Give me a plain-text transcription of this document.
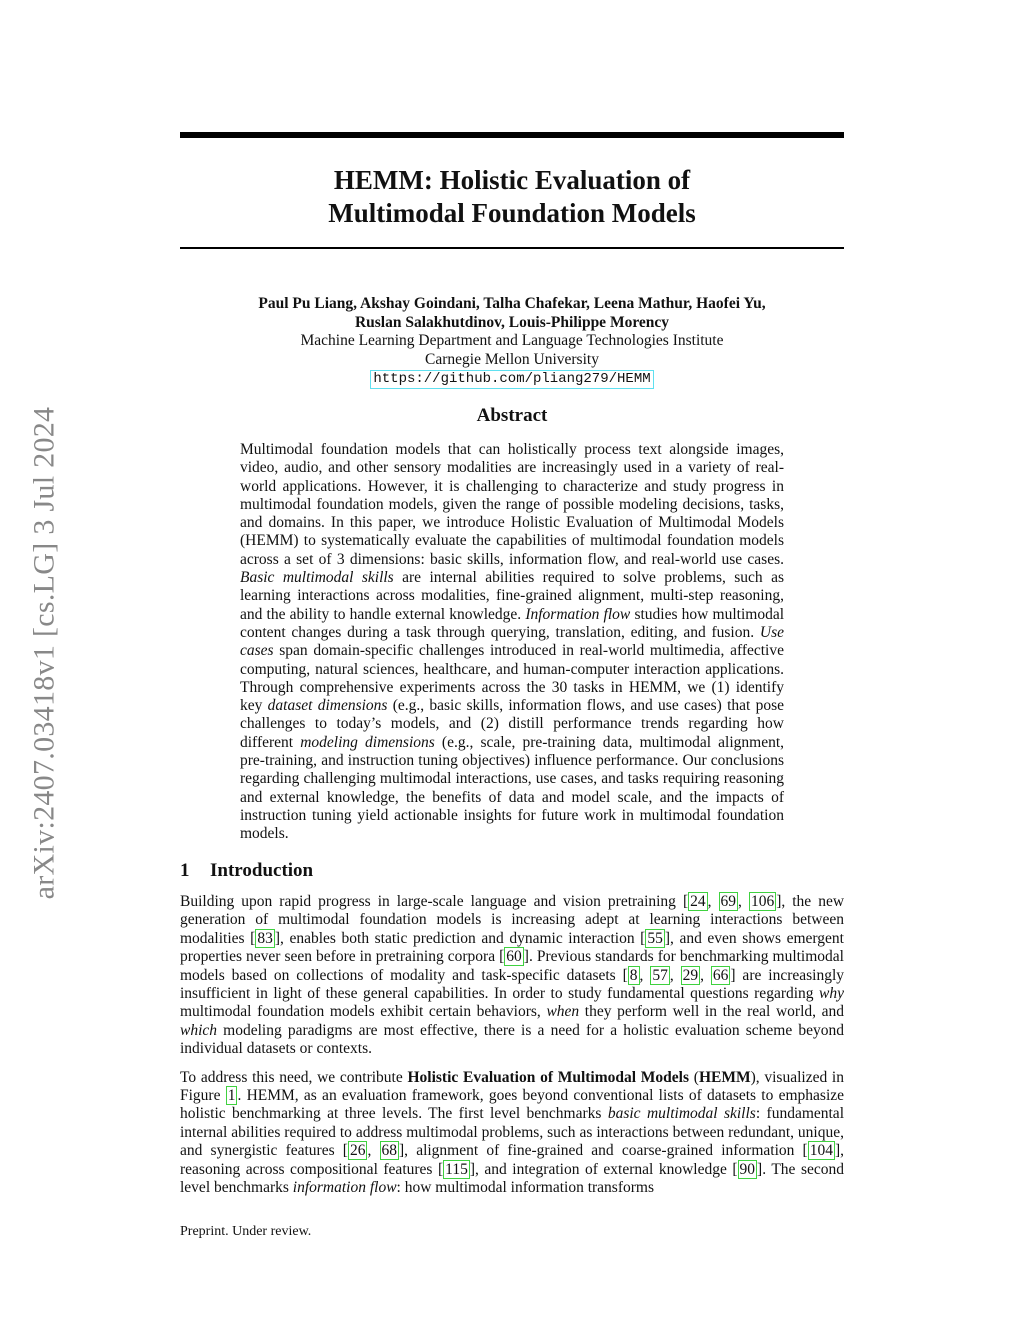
arXiv:2407.03418v1 [cs.LG] 3 Jul 2024
HEMM: Holistic Evaluation of
Multimodal Foundation Models
Paul Pu Liang, Akshay Goindani, Talha Chafekar, Leena Mathur, Haofei Yu,
Ruslan Salakhutdinov, Louis-Philippe Morency
Machine Learning Department and Language Technologies Institute
Carnegie Mellon University
https://github.com/pliang279/HEMM
Abstract

Multimodal foundation models that can holistically process text alongside images, video, audio, and other sensory modalities are increasingly used in a variety of real-world applications. However, it is challenging to characterize and study progress in multimodal foundation models, given the range of possible modeling decisions, tasks, and domains. In this paper, we introduce Holistic Evaluation of Multimodal Models (HEMM) to systematically evaluate the capabilities of multimodal foundation models across a set of 3 dimensions: basic skills, information flow, and real-world use cases. Basic multimodal skills are internal abilities required to solve problems, such as learning interactions across modalities, fine-grained alignment, multi-step reasoning, and the ability to handle external knowledge. Information flow studies how multimodal content changes during a task through querying, translation, editing, and fusion. Use cases span domain-specific challenges introduced in real-world multimedia, affective computing, natural sciences, healthcare, and human-computer interaction applications. Through comprehensive experiments across the 30 tasks in HEMM, we (1) identify key dataset dimensions (e.g., basic skills, information flows, and use cases) that pose challenges to today’s models, and (2) distill performance trends regarding how different modeling dimensions (e.g., scale, pre-training data, multimodal alignment, pre-training, and instruction tuning objectives) influence performance. Our conclusions regarding challenging multimodal interactions, use cases, and tasks requiring reasoning and external knowledge, the benefits of data and model scale, and the impacts of instruction tuning yield actionable insights for future work in multimodal foundation models.

1 Introduction

Building upon rapid progress in large-scale language and vision pretraining [ 24 , 69 , 106 ], the new generation of multimodal foundation models is increasing adept at learning interactions between modalities [ 83 ], enables both static prediction and dynamic interaction [ 55 ], and even shows emergent properties never seen before in pretraining corpora [ 60 ]. Previous standards for benchmarking multimodal models based on collections of modality and task-specific datasets [ 8 , 57 , 29 , 66 ] are increasingly insufficient in light of these general capabilities. In order to study fundamental questions regarding why multimodal foundation models exhibit certain behaviors, when they perform well in the real world, and which modeling paradigms are most effective, there is a need for a holistic evaluation scheme beyond individual datasets or contexts.

To address this need, we contribute Holistic Evaluation of Multimodal Models (HEMM), visualized in Figure 1 . HEMM, as an evaluation framework, goes beyond conventional lists of datasets to emphasize holistic benchmarking at three levels. The first level benchmarks basic multimodal skills: fundamental internal abilities required to address multimodal problems, such as interactions between redundant, unique, and synergistic features [ 26 , 68 ], alignment of fine-grained and coarse-grained information [ 104 ], reasoning across compositional features [ 115 ], and integration of external knowledge [ 90 ]. The second level benchmarks information flow: how multimodal information transforms

Preprint. Under review.
